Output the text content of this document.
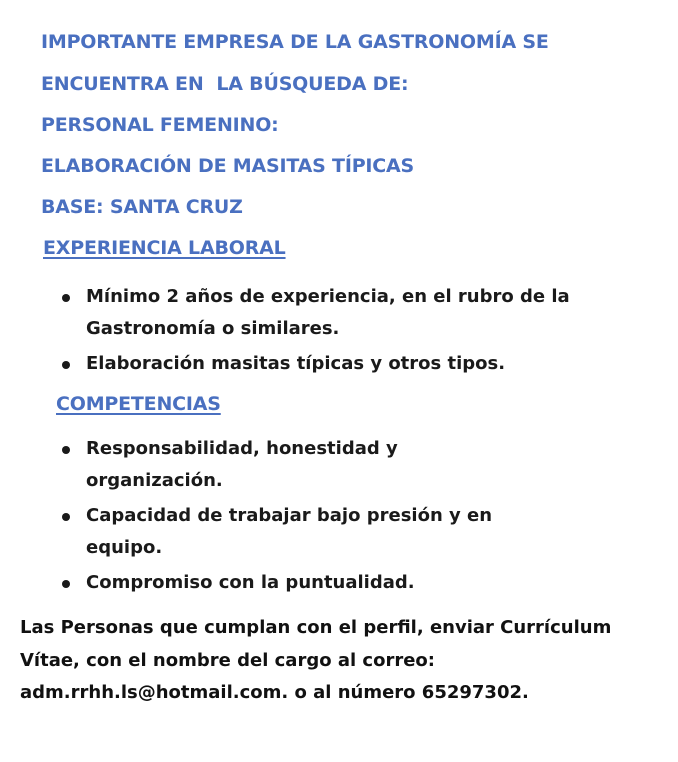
IMPORTANTE EMPRESA DE LA GASTRONOMÍA SE
ENCUENTRA EN  LA BÚSQUEDA DE:
PERSONAL FEMENINO:
ELABORACIÓN DE MASITAS TÍPICAS
BASE: SANTA CRUZ
EXPERIENCIA LABORAL
Mínimo 2 años de experiencia, en el rubro de la Gastronomía o similares.
Elaboración masitas típicas y otros tipos.
COMPETENCIAS
Responsabilidad, honestidad y organización.
Capacidad de trabajar bajo presión y en equipo.
Compromiso con la puntualidad.

Las Personas que cumplan con el perfil, enviar Currículum Vítae, con el nombre del cargo al correo: adm.rrhh.ls@hotmail.com. o al número 65297302.
